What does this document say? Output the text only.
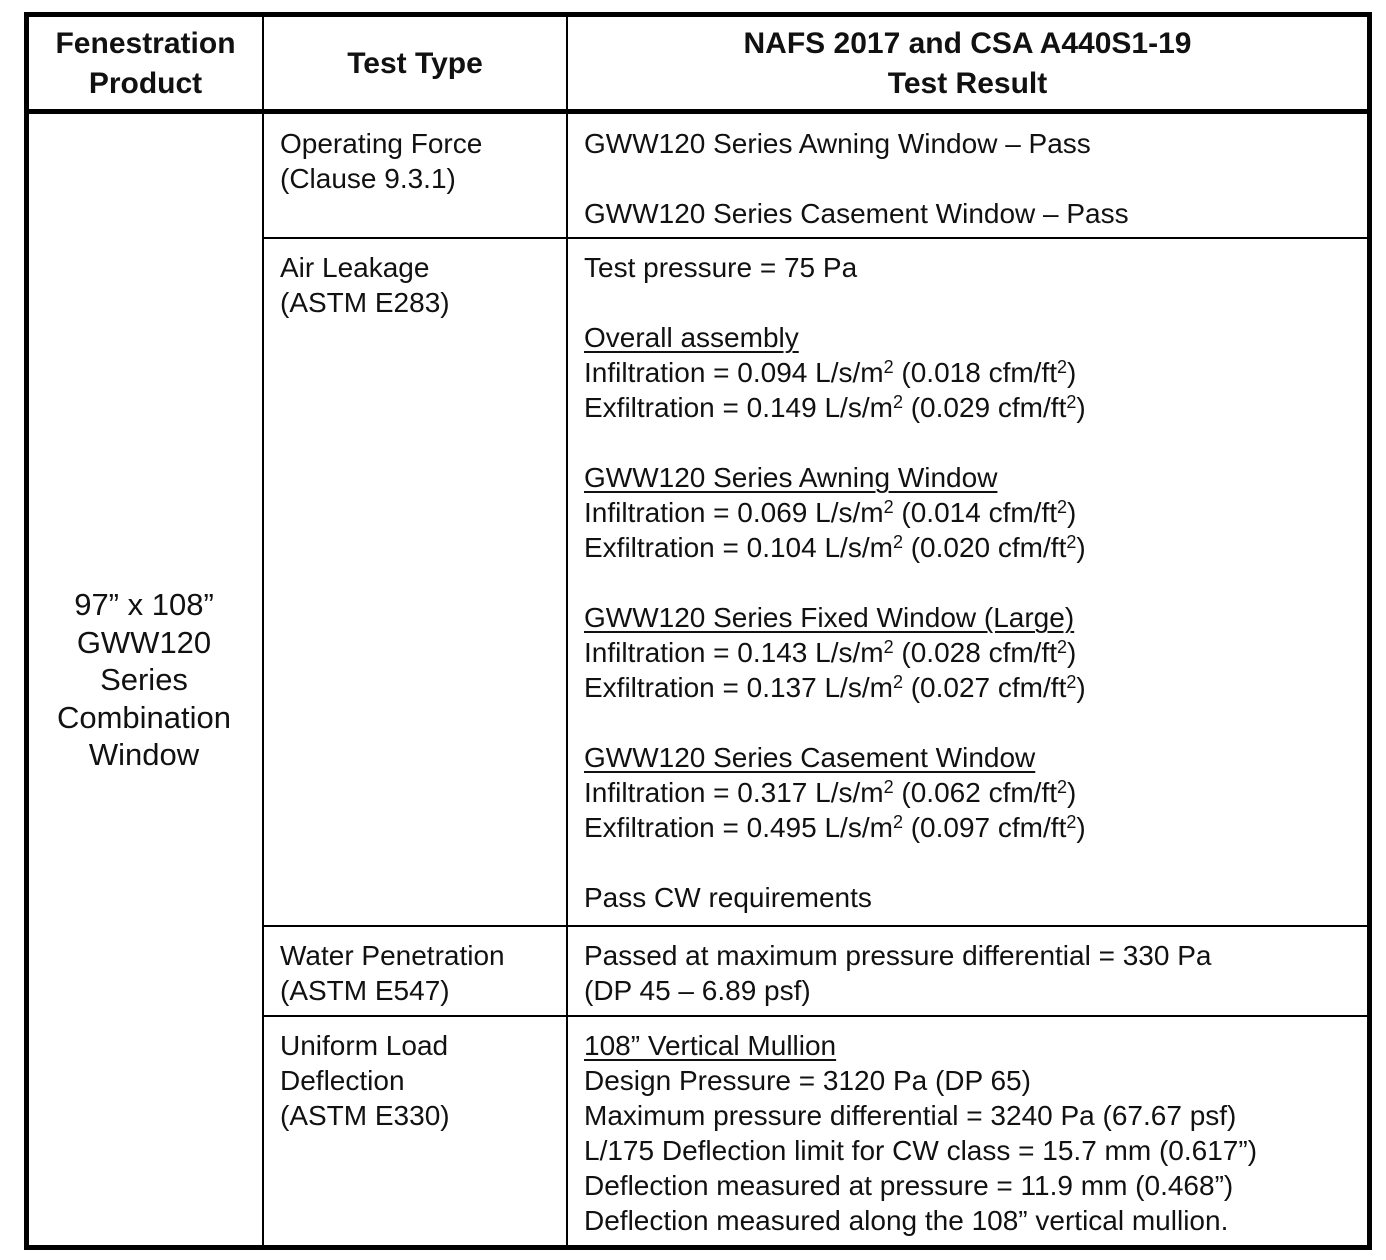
Fenestration
Product
Test Type
NAFS 2017 and CSA A440S1-19
Test Result
97” x 108”
GWW120
Series
Combination
Window
Operating Force
(Clause 9.3.1)
GWW120 Series Awning Window – Pass
GWW120 Series Casement Window – Pass
Air Leakage
(ASTM E283)
Test pressure = 75 Pa
Overall assembly
Infiltration = 0.094 $L/s/m^2$ (0.018 cfm/$ft^2$)
Exfiltration = 0.149 $L/s/m^2$ (0.029 cfm/$ft^2$)
GWW120 Series Awning Window
Infiltration = 0.069 $L/s/m^2$ (0.014 cfm/$ft^2$)
Exfiltration = 0.104 $L/s/m^2$ (0.020 cfm/$ft^2$)
GWW120 Series Fixed Window (Large)
Infiltration = 0.143 $L/s/m^2$ (0.028 cfm/$ft^2$)
Exfiltration = 0.137 $L/s/m^2$ (0.027 cfm/$ft^2$)
GWW120 Series Casement Window
Infiltration = 0.317 $L/s/m^2$ (0.062 cfm/$ft^2$)
Exfiltration = 0.495 $L/s/m^2$ (0.097 cfm/$ft^2$)
Pass CW requirements
Water Penetration
(ASTM E547)
Passed at maximum pressure differential = 330 Pa
(DP 45 – 6.89 psf)
Uniform Load
Deflection
(ASTM E330)
108” Vertical Mullion
Design Pressure = 3120 Pa (DP 65)
Maximum pressure differential = 3240 Pa (67.67 psf)
L/175 Deflection limit for CW class = 15.7 mm (0.617”)
Deflection measured at pressure = 11.9 mm (0.468”)
Deflection measured along the 108” vertical mullion.
